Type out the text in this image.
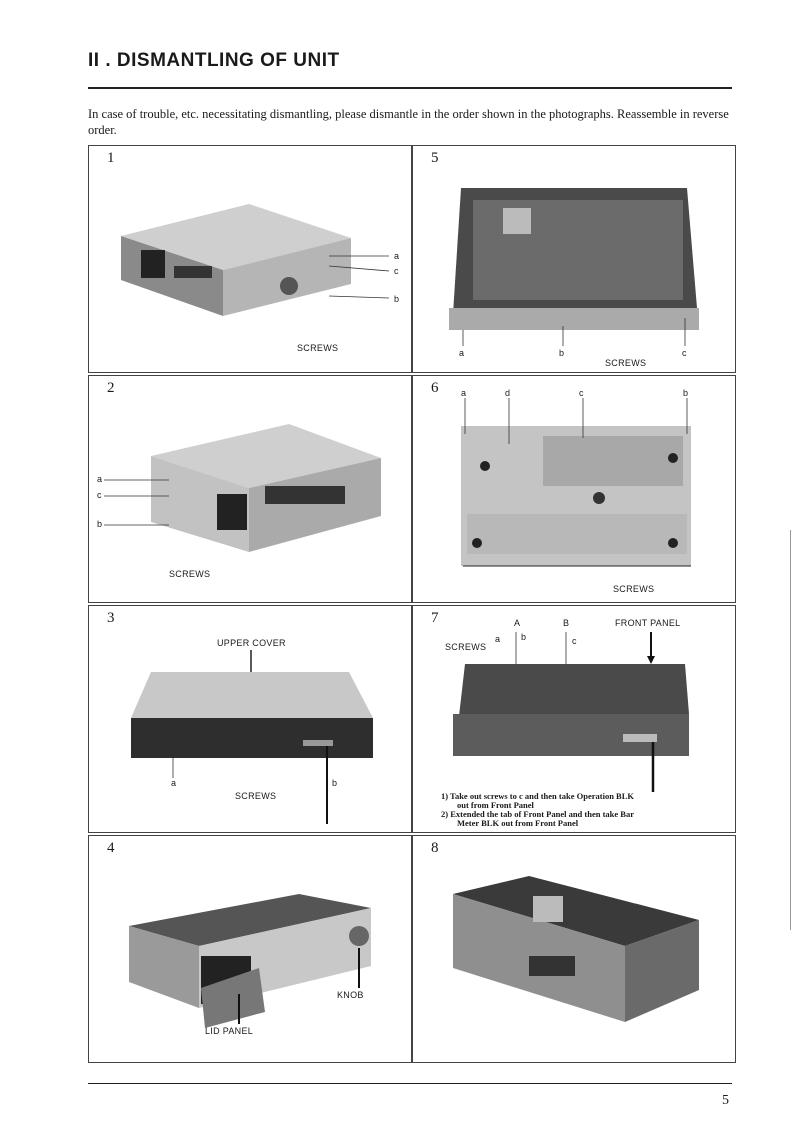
II . DISMANTLING OF UNIT
In case of trouble, etc. necessitating dismantling, please dismantle in the order shown in the photographs. Reassemble in reverse order.
1
a
c
b
SCREWS
5
a	b	c
SCREWS
2
a
c
b
SCREWS
6	a	d	c	b
SCREWS
3
UPPER COVER
a	b
SCREWS
7	A	B	FRONT PANEL
SCREWS
a b	c
1) Take out screws to c and then take Operation BLK
out from Front Panel
2) Extended the tab of Front Panel and then take Bar
Meter BLK out from Front Panel
4
KNOB
LID PANEL
8
5
